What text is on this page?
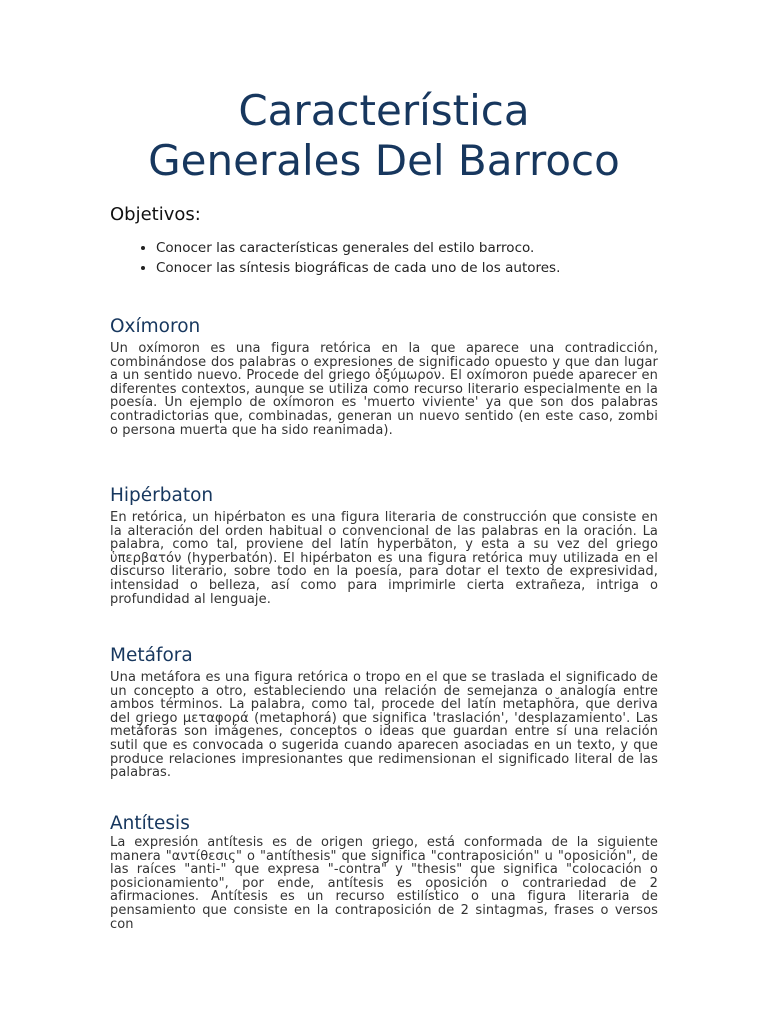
Característica
Generales Del Barroco
Objetivos:
• Conocer las características generales del estilo barroco.
• Conocer las síntesis biográficas de cada uno de los autores.
Oxímoron

Un oxímoron es una figura retórica en la que aparece una contradicción, combinándose dos palabras o expresiones de significado opuesto y que dan lugar a un sentido nuevo. Procede del griego ὀξύμωρον. El oxímoron puede aparecer en diferentes contextos, aunque se utiliza como recurso literario especialmente en la poesía. Un ejemplo de oxímoron es 'muerto viviente' ya que son dos palabras contradictorias que, combinadas, generan un nuevo sentido (en este caso, zombi o persona muerta que ha sido reanimada).

Hipérbaton

En retórica, un hipérbaton es una figura literaria de construcción que consiste en la alteración del orden habitual o convencional de las palabras en la oración. La palabra, como tal, proviene del latín hyperbăton, y esta a su vez del griego ὑπερβατόν (hyperbatón). El hipérbaton es una figura retórica muy utilizada en el discurso literario, sobre todo en la poesía, para dotar el texto de expresividad, intensidad o belleza, así como para imprimirle cierta extrañeza, intriga o profundidad al lenguaje.

Metáfora

Una metáfora es una figura retórica o tropo en el que se traslada el significado de un concepto a otro, estableciendo una relación de semejanza o analogía entre ambos términos. La palabra, como tal, procede del latín metaphŏra, que deriva del griego μεταφορά (metaphorá) que significa 'traslación', 'desplazamiento'. Las metáforas son imágenes, conceptos o ideas que guardan entre sí una relación sutil que es convocada o sugerida cuando aparecen asociadas en un texto, y que produce relaciones impresionantes que redimensionan el significado literal de las palabras.

Antítesis

La expresión antítesis es de origen griego, está conformada de la siguiente manera "αντίθεσις" o "antíthesis" que significa "contraposición" u "oposición", de las raíces "anti-" que expresa "-contra" y "thesis" que significa "colocación o posicionamiento", por ende, antítesis es oposición o contrariedad de 2 afirmaciones. Antítesis es un recurso estilístico o una figura literaria de pensamiento que consiste en la contraposición de 2 sintagmas, frases o versos con
